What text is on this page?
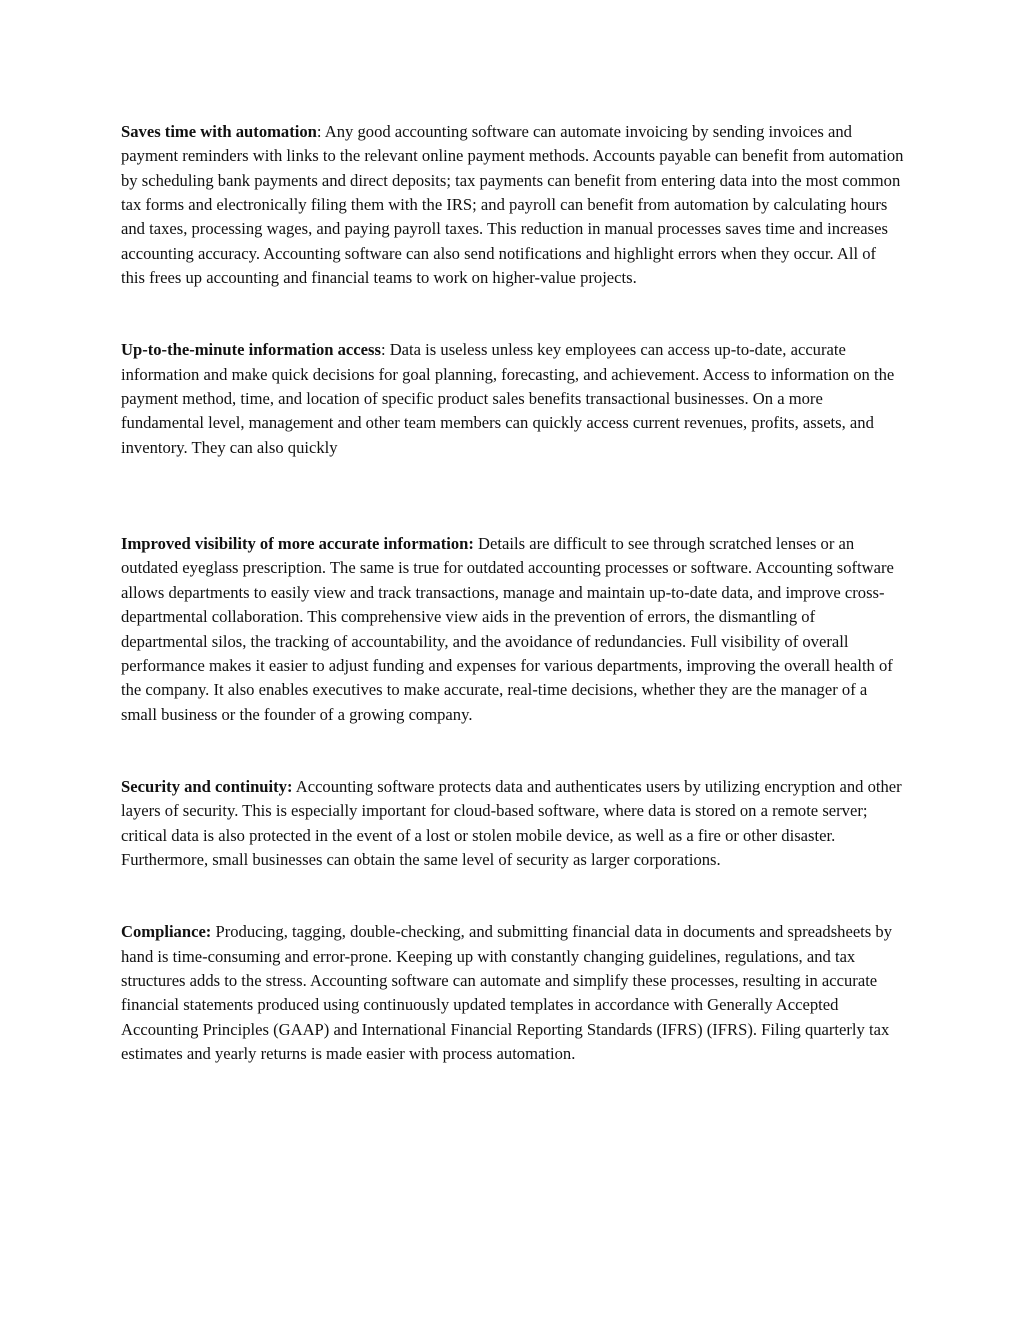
Saves time with automation: Any good accounting software can automate invoicing by sending invoices and payment reminders with links to the relevant online payment methods. Accounts payable can benefit from automation by scheduling bank payments and direct deposits; tax payments can benefit from entering data into the most common tax forms and electronically filing them with the IRS; and payroll can benefit from automation by calculating hours and taxes, processing wages, and paying payroll taxes. This reduction in manual processes saves time and increases accounting accuracy. Accounting software can also send notifications and highlight errors when they occur. All of this frees up accounting and financial teams to work on higher-value projects.

Up-to-the-minute information access: Data is useless unless key employees can access up-to-date, accurate information and make quick decisions for goal planning, forecasting, and achievement. Access to information on the payment method, time, and location of specific product sales benefits transactional businesses. On a more fundamental level, management and other team members can quickly access current revenues, profits, assets, and inventory. They can also quickly

Improved visibility of more accurate information: Details are difficult to see through scratched lenses or an outdated eyeglass prescription. The same is true for outdated accounting processes or software. Accounting software allows departments to easily view and track transactions, manage and maintain up-to-date data, and improve cross-departmental collaboration. This comprehensive view aids in the prevention of errors, the dismantling of departmental silos, the tracking of accountability, and the avoidance of redundancies. Full visibility of overall performance makes it easier to adjust funding and expenses for various departments, improving the overall health of the company. It also enables executives to make accurate, real-time decisions, whether they are the manager of a small business or the founder of a growing company.

Security and continuity: Accounting software protects data and authenticates users by utilizing encryption and other layers of security. This is especially important for cloud-based software, where data is stored on a remote server; critical data is also protected in the event of a lost or stolen mobile device, as well as a fire or other disaster. Furthermore, small businesses can obtain the same level of security as larger corporations.

Compliance: Producing, tagging, double-checking, and submitting financial data in documents and spreadsheets by hand is time-consuming and error-prone. Keeping up with constantly changing guidelines, regulations, and tax structures adds to the stress. Accounting software can automate and simplify these processes, resulting in accurate financial statements produced using continuously updated templates in accordance with Generally Accepted Accounting Principles (GAAP) and International Financial Reporting Standards (IFRS) (IFRS). Filing quarterly tax estimates and yearly returns is made easier with process automation.
